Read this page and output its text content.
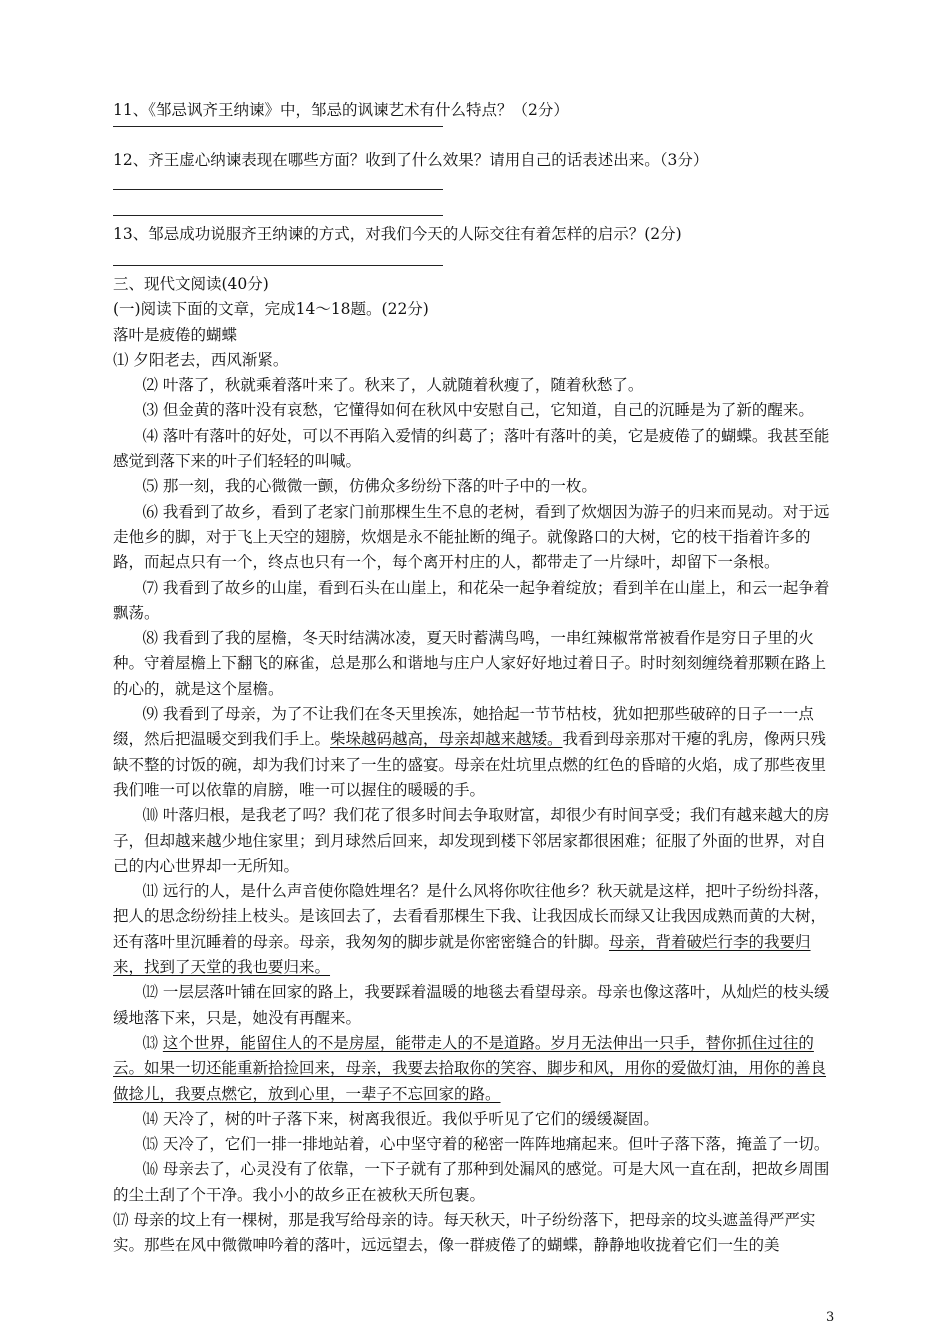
11、《邹忌讽齐王纳谏》中，邹忌的讽谏艺术有什么特点？（2分）
12、齐王虚心纳谏表现在哪些方面？收到了什么效果？请用自己的话表述出来。（3分）
13、邹忌成功说服齐王纳谏的方式，对我们今天的人际交往有着怎样的启示？(2分)

三、现代文阅读(40分)

(一)阅读下面的文章，完成14～18题。(22分)

落叶是疲倦的蝴蝶

⑴ 夕阳老去，西风渐紧。

⑵ 叶落了，秋就乘着落叶来了。秋来了，人就随着秋瘦了，随着秋愁了。

⑶ 但金黄的落叶没有哀愁，它懂得如何在秋风中安慰自己，它知道，自己的沉睡是为了新的醒来。

⑷ 落叶有落叶的好处，可以不再陷入爱情的纠葛了；落叶有落叶的美，它是疲倦了的蝴蝶。我甚至能感觉到落下来的叶子们轻轻的叫喊。

⑸ 那一刻，我的心微微一颤，仿佛众多纷纷下落的叶子中的一枚。

⑹ 我看到了故乡，看到了老家门前那棵生生不息的老树，看到了炊烟因为游子的归来而晃动。对于远走他乡的脚，对于飞上天空的翅膀，炊烟是永不能扯断的绳子。就像路口的大树，它的枝干指着许多的路，而起点只有一个，终点也只有一个，每个离开村庄的人，都带走了一片绿叶，却留下一条根。

⑺ 我看到了故乡的山崖，看到石头在山崖上，和花朵一起争着绽放；看到羊在山崖上，和云一起争着飘荡。

⑻ 我看到了我的屋檐，冬天时结满冰凌，夏天时蓄满鸟鸣，一串红辣椒常常被看作是穷日子里的火种。守着屋檐上下翻飞的麻雀，总是那么和谐地与庄户人家好好地过着日子。时时刻刻缠绕着那颗在路上的心的，就是这个屋檐。

⑼ 我看到了母亲，为了不让我们在冬天里挨冻，她拾起一节节枯枝，犹如把那些破碎的日子一一点缀，然后把温暖交到我们手上。柴垛越码越高，母亲却越来越矮。我看到母亲那对干瘪的乳房，像两只残缺不整的讨饭的碗，却为我们讨来了一生的盛宴。母亲在灶坑里点燃的红色的昏暗的火焰，成了那些夜里我们唯一可以依靠的肩膀，唯一可以握住的暖暖的手。

⑽ 叶落归根，是我老了吗？我们花了很多时间去争取财富，却很少有时间享受；我们有越来越大的房子，但却越来越少地住家里；到月球然后回来，却发现到楼下邻居家都很困难；征服了外面的世界，对自己的内心世界却一无所知。

⑾ 远行的人，是什么声音使你隐姓埋名？是什么风将你吹往他乡？秋天就是这样，把叶子纷纷抖落，把人的思念纷纷挂上枝头。是该回去了，去看看那棵生下我、让我因成长而绿又让我因成熟而黄的大树，还有落叶里沉睡着的母亲。母亲，我匆匆的脚步就是你密密缝合的针脚。母亲，背着破烂行李的我要归来，找到了天堂的我也要归来。

⑿ 一层层落叶铺在回家的路上，我要踩着温暖的地毯去看望母亲。母亲也像这落叶，从灿烂的枝头缓缓地落下来，只是，她没有再醒来。

⒀ 这个世界，能留住人的不是房屋，能带走人的不是道路。岁月无法伸出一只手，替你抓住过往的云。如果一切还能重新拾捡回来，母亲，我要去拾取你的笑容、脚步和风，用你的爱做灯油，用你的善良做捻儿，我要点燃它，放到心里，一辈子不忘回家的路。

⒁ 天冷了，树的叶子落下来，树离我很近。我似乎听见了它们的缓缓凝固。

⒂ 天冷了，它们一排一排地站着，心中坚守着的秘密一阵阵地痛起来。但叶子落下落，掩盖了一切。

⒃ 母亲去了，心灵没有了依靠，一下子就有了那种到处漏风的感觉。可是大风一直在刮，把故乡周围的尘土刮了个干净。我小小的故乡正在被秋天所包裹。

⒄ 母亲的坟上有一棵树，那是我写给母亲的诗。每天秋天，叶子纷纷落下，把母亲的坟头遮盖得严严实实。那些在风中微微呻吟着的落叶，远远望去，像一群疲倦了的蝴蝶，静静地收拢着它们一生的美

3
